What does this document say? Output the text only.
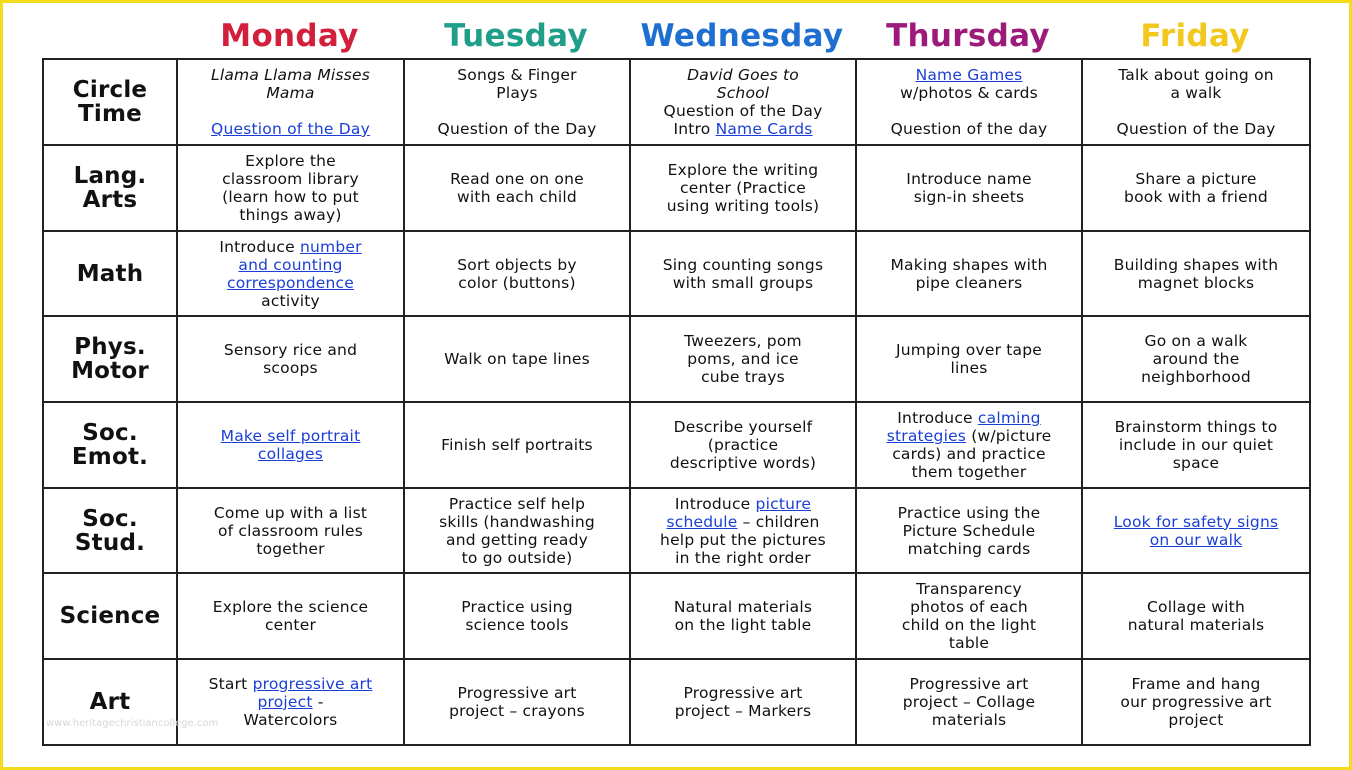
Monday	Tuesday	Wednesday	Thursday	Friday
Circle
Time	Llama Llama Misses
Mama
Question of the Day	Songs & Finger
Plays
Question of the Day	David Goes to
School
Question of the Day
Intro Name Cards	Name Games
w/photos & cards
Question of the day	Talk about going on
a walk
Question of the Day

Lang.
Arts	Explore the
classroom library
(learn how to put
things away)	Read one on one
with each child	Explore the writing
center (Practice
using writing tools)	Introduce name
sign-in sheets	Share a picture
book with a friend

Math	Introduce number
and counting
correspondence
activity	Sort objects by
color (buttons)	Sing counting songs
with small groups	Making shapes with
pipe cleaners	Building shapes with
magnet blocks

Phys.
Motor	Sensory rice and
scoops	Walk on tape lines	Tweezers, pom
poms, and ice
cube trays	Jumping over tape
lines	Go on a walk
around the
neighborhood

Soc.
Emot.	Make self portrait
collages	Finish self portraits	Describe yourself
(practice
descriptive words)	Introduce calming
strategies (w/picture
cards) and practice
them together	Brainstorm things to
include in our quiet
space

Soc.
Stud.	Come up with a list
of classroom rules
together	Practice self help
skills (handwashing
and getting ready
to go outside)	Introduce picture
schedule – children
help put the pictures
in the right order	Practice using the
Picture Schedule
matching cards	Look for safety signs
on our walk

Science	Explore the science
center	Practice using
science tools	Natural materials
on the light table	Transparency
photos of each
child on the light
table	Collage with
natural materials

Art	Start progressive art
project -
Watercolors	Progressive art
project – crayons	Progressive art
project – Markers	Progressive art
project – Collage
materials	Frame and hang
our progressive art
project
www.heritagechristiancollege.com
